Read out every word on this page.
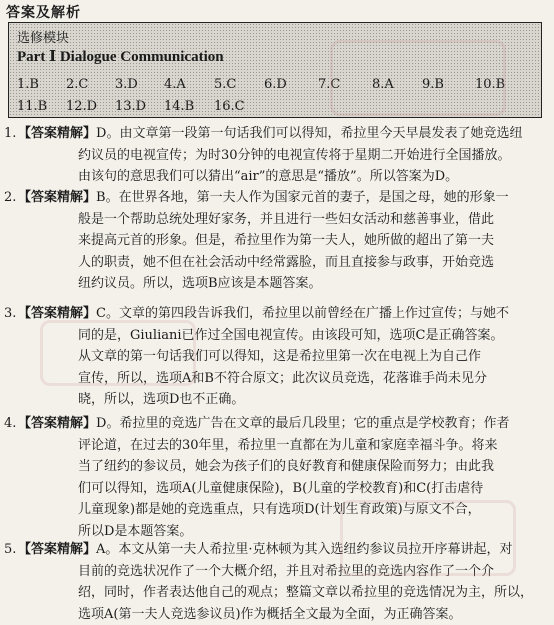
答案及解析
选修模块
Part Ⅰ Dialogue Communication
1.B 2.C 3.D 4.A 5.C 6.D 7.C 8.A 9.B 10.B
11.B 12.D 13.D 14.B 16.C
1. 【答案精解】D。由文章第一段第一句话我们可以得知，希拉里今天早晨发表了她竞选纽
约议员的电视宣传；为时30分钟的电视宣传将于星期二开始进行全国播放。
由该句的意思我们可以猜出“air”的意思是“播放”。所以答案为D。
2. 【答案精解】B。在世界各地，第一夫人作为国家元首的妻子，是国之母，她的形象一
般是一个帮助总统处理好家务，并且进行一些妇女活动和慈善事业，借此
来提高元首的形象。但是，希拉里作为第一夫人，她所做的超出了第一夫
人的职责，她不但在社会活动中经常露脸，而且直接参与政事，开始竞选
纽约议员。所以，选项B应该是本题答案。
3. 【答案精解】C。文章的第四段告诉我们，希拉里以前曾经在广播上作过宣传；与她不
同的是，Giuliani已作过全国电视宣传。由该段可知，选项C是正确答案。
从文章的第一句话我们可以得知，这是希拉里第一次在电视上为自己作
宣传，所以，选项A和B不符合原文；此次议员竞选，花落谁手尚未见分
晓，所以，选项D也不正确。
4. 【答案精解】D。希拉里的竞选广告在文章的最后几段里；它的重点是学校教育；作者
评论道，在过去的30年里，希拉里一直都在为儿童和家庭幸福斗争。将来
当了纽约的参议员，她会为孩子们的良好教育和健康保险而努力；由此我
们可以得知，选项A(儿童健康保险)，B(儿童的学校教育)和C(打击虐待
儿童现象)都是她的竞选重点，只有选项D(计划生育政策)与原文不合，
所以D是本题答案。
5. 【答案精解】A。本文从第一夫人希拉里·克林顿为其入选纽约参议员拉开序幕讲起，对
目前的竞选状况作了一个大概介绍，并且对希拉里的竞选内容作了一个介
绍，同时，作者表达他自己的观点；整篇文章以希拉里的竞选情况为主，所以，
选项A(第一夫人竞选参议员)作为概括全文最为全面，为正确答案。
